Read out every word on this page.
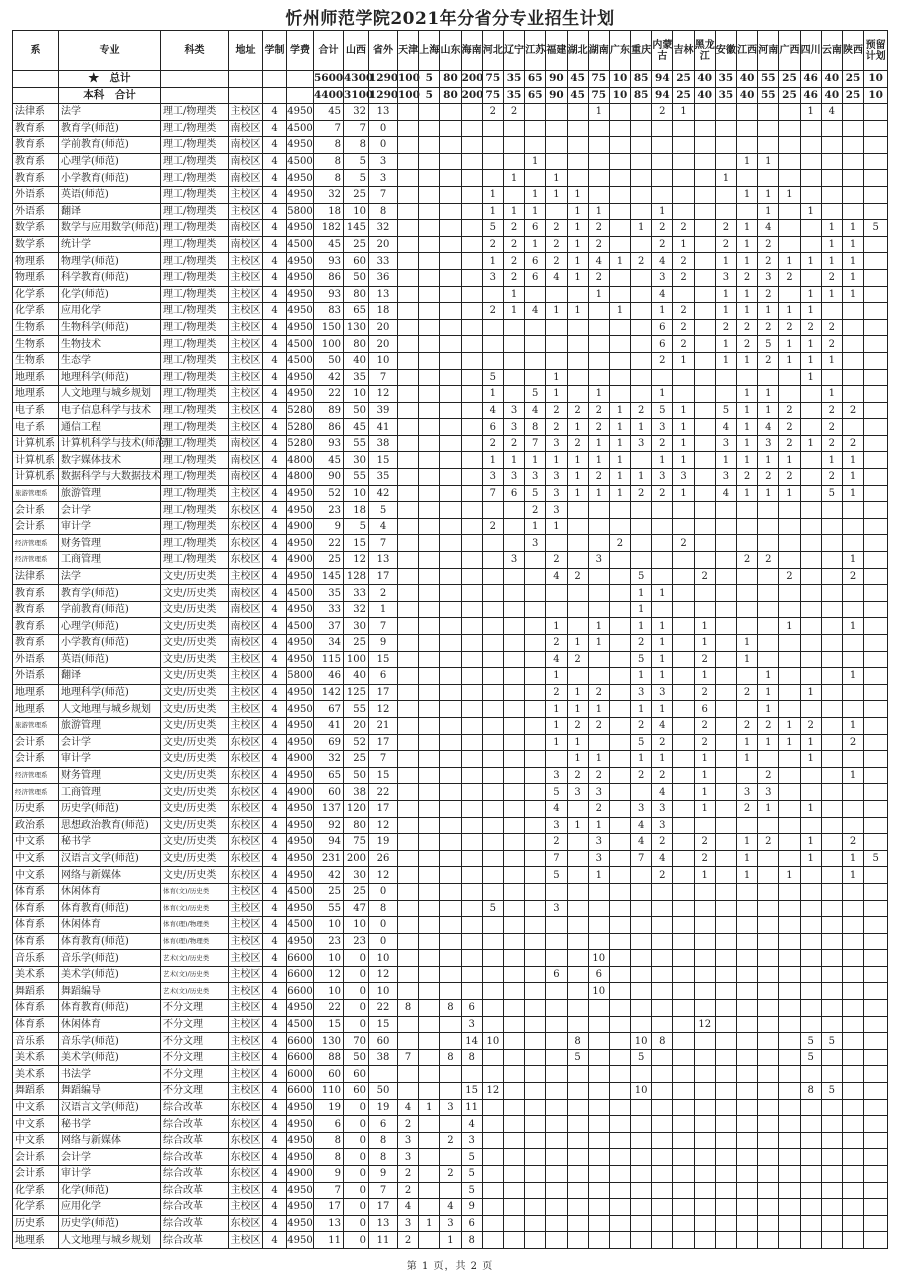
忻州师范学院2021年分省分专业招生计划
系	专业	科类	地址	学制	学费	合计	山西	省外	天津	上海	山东	海南	河北	辽宁	江苏	福建	湖北	湖南	广东	重庆	内蒙古	吉林	黑龙江	安徽	江西	河南	广西	四川	云南	陕西	预留计划
	★　总计					5600	4300	1290	100	5	80	200	75	35	65	90	45	75	10	85	94	25	40	35	40	55	25	46	40	25	10
	本科　合计					4400	3100	1290	100	5	80	200	75	35	65	90	45	75	10	85	94	25	40	35	40	55	25	46	40	25	10
法律系	法学	理工/物理类	主校区	4	4950	45	32	13					2	2				1			2	1						1	4		
教育系	教育学(师范)	理工/物理类	南校区	4	4500	7	7	0																							
教育系	学前教育(师范)	理工/物理类	南校区	4	4950	8	8	0																							
教育系	心理学(师范)	理工/物理类	南校区	4	4500	8	5	3							1										1	1					
教育系	小学教育(师范)	理工/物理类	南校区	4	4950	8	5	3						1		1								1							
外语系	英语(师范)	理工/物理类	主校区	4	4950	32	25	7					1		1	1	1								1	1	1				
外语系	翻译	理工/物理类	主校区	4	5800	18	10	8					1	1	1		1	1			1					1		1			
数学系	数学与应用数学(师范)	理工/物理类	南校区	4	4950	182	145	32					5	2	6	2	1	2		1	2	2		2	1	4			1	1	5
数学系	统计学	理工/物理类	南校区	4	4500	45	25	20					2	2	1	2	1	2			2	1		2	1	2			1	1	
物理系	物理学(师范)	理工/物理类	主校区	4	4950	93	60	33					1	2	6	2	1	4	1	2	4	2		1	1	2	1	1	1	1	
物理系	科学教育(师范)	理工/物理类	主校区	4	4950	86	50	36					3	2	6	4	1	2			3	2		3	2	3	2		2	1	
化学系	化学(师范)	理工/物理类	主校区	4	4950	93	80	13						1				1			4			1	1	2		1	1	1	
化学系	应用化学	理工/物理类	主校区	4	4950	83	65	18					2	1	4	1	1		1		1	2		1	1	1	1	1			
生物系	生物科学(师范)	理工/物理类	主校区	4	4950	150	130	20													6	2		2	2	2	2	2	2		
生物系	生物技术	理工/物理类	主校区	4	4500	100	80	20													6	2		1	2	5	1	1	2		
生物系	生态学	理工/物理类	主校区	4	4500	50	40	10													2	1		1	1	2	1	1	1		
地理系	地理科学(师范)	理工/物理类	主校区	4	4950	42	35	7					5			1												1			
地理系	人文地理与城乡规划	理工/物理类	主校区	4	4950	22	10	12					1		5	1		1			1				1	1			1		
电子系	电子信息科学与技术	理工/物理类	主校区	4	5280	89	50	39					4	3	4	2	2	2	1	2	5	1		5	1	1	2		2	2	
电子系	通信工程	理工/物理类	主校区	4	5280	86	45	41					6	3	8	2	1	2	1	1	3	1		4	1	4	2		2		
计算机系	计算机科学与技术(师范)	理工/物理类	南校区	4	5280	93	55	38					2	2	7	3	2	1	1	3	2	1		3	1	3	2	1	2	2	
计算机系	数字媒体技术	理工/物理类	南校区	4	4800	45	30	15					1	1	1	1	1	1	1		1	1		1	1	1	1		1	1	
计算机系	数据科学与大数据技术	理工/物理类	南校区	4	4800	90	55	35					3	3	3	3	1	2	1	1	3	3		3	2	2	2		2	1	
旅游管理系	旅游管理	理工/物理类	主校区	4	4950	52	10	42					7	6	5	3	1	1	1	2	2	1		4	1	1	1		5	1	
会计系	会计学	理工/物理类	东校区	4	4950	23	18	5							2	3															
会计系	审计学	理工/物理类	东校区	4	4900	9	5	4					2		1	1															
经济管理系	财务管理	理工/物理类	东校区	4	4950	22	15	7							3				2			2									
经济管理系	工商管理	理工/物理类	东校区	4	4900	25	12	13						3		2		3							2	2				1	
法律系	法学	文史/历史类	主校区	4	4950	145	128	17								4	2			5			2				2			2	
教育系	教育学(师范)	文史/历史类	南校区	4	4500	35	33	2												1	1										
教育系	学前教育(师范)	文史/历史类	南校区	4	4950	33	32	1												1											
教育系	心理学(师范)	文史/历史类	南校区	4	4500	37	30	7								1		1		1	1		1				1			1	
教育系	小学教育(师范)	文史/历史类	南校区	4	4950	34	25	9								2	1	1		2	1		1		1						
外语系	英语(师范)	文史/历史类	主校区	4	4950	115	100	15								4	2			5	1		2		1						
外语系	翻译	文史/历史类	主校区	4	5800	46	40	6								1				1	1		1			1				1	
地理系	地理科学(师范)	文史/历史类	主校区	4	4950	142	125	17								2	1	2		3	3		2		2	1		1			
地理系	人文地理与城乡规划	文史/历史类	主校区	4	4950	67	55	12								1	1	1		1	1		6			1					
旅游管理系	旅游管理	文史/历史类	主校区	4	4950	41	20	21								1	2	2		2	4		2		2	2	1	2		1	
会计系	会计学	文史/历史类	东校区	4	4950	69	52	17								1	1			5	2		2		1	1	1	1		2	
会计系	审计学	文史/历史类	东校区	4	4900	32	25	7									1	1		1	1		1		1			1			
经济管理系	财务管理	文史/历史类	东校区	4	4950	65	50	15								3	2	2		2	2		1			2				1	
经济管理系	工商管理	文史/历史类	东校区	4	4900	60	38	22								5	3	3			4		1		3	3					
历史系	历史学(师范)	文史/历史类	东校区	4	4950	137	120	17								4		2		3	3		1		2	1		1			
政治系	思想政治教育(师范)	文史/历史类	东校区	4	4950	92	80	12								3	1	1		4	3										
中文系	秘书学	文史/历史类	东校区	4	4950	94	75	19								2		3		4	2		2		1	2		1		2	
中文系	汉语言文学(师范)	文史/历史类	东校区	4	4950	231	200	26								7		3		7	4		2		1			1		1	5
中文系	网络与新媒体	文史/历史类	东校区	4	4950	42	30	12								5		1			2		1		1		1			1	
体育系	休闲体育	体育(文)/历史类	主校区	4	4500	25	25	0																							
体育系	体育教育(师范)	体育(文)/历史类	主校区	4	4950	55	47	8					5			3															
体育系	休闲体育	体育(理)/物理类	主校区	4	4500	10	10	0																							
体育系	体育教育(师范)	体育(理)/物理类	主校区	4	4950	23	23	0																							
音乐系	音乐学(师范)	艺术(文)/历史类	主校区	4	6600	10	0	10										10													
美术系	美术学(师范)	艺术(文)/历史类	主校区	4	6600	12	0	12								6		6													
舞蹈系	舞蹈编导	艺术(文)/历史类	主校区	4	6600	10	0	10										10													
体育系	体育教育(师范)	不分文理	主校区	4	4950	22	0	22	8		8	6																			
体育系	休闲体育	不分文理	主校区	4	4500	15	0	15				3											12								
音乐系	音乐学(师范)	不分文理	主校区	4	6600	130	70	60				14	10				8			10	8							5	5		
美术系	美术学(师范)	不分文理	主校区	4	6600	88	50	38	7		8	8					5			5								5			
美术系	书法学	不分文理	主校区	4	6000	60	60																								
舞蹈系	舞蹈编导	不分文理	主校区	4	6600	110	60	50				15	12							10								8	5		
中文系	汉语言文学(师范)	综合改革	东校区	4	4950	19	0	19	4	1	3	11																			
中文系	秘书学	综合改革	东校区	4	4950	6	0	6	2			4																			
中文系	网络与新媒体	综合改革	东校区	4	4950	8	0	8	3		2	3																			
会计系	会计学	综合改革	东校区	4	4950	8	0	8	3			5																			
会计系	审计学	综合改革	东校区	4	4900	9	0	9	2		2	5																			
化学系	化学(师范)	综合改革	主校区	4	4950	7	0	7	2			5																			
化学系	应用化学	综合改革	主校区	4	4950	17	0	17	4		4	9																			
历史系	历史学(师范)	综合改革	东校区	4	4950	13	0	13	3	1	3	6																			
地理系	人文地理与城乡规划	综合改革	主校区	4	4950	11	0	11	2		1	8																			
第 1 页，共 2 页
